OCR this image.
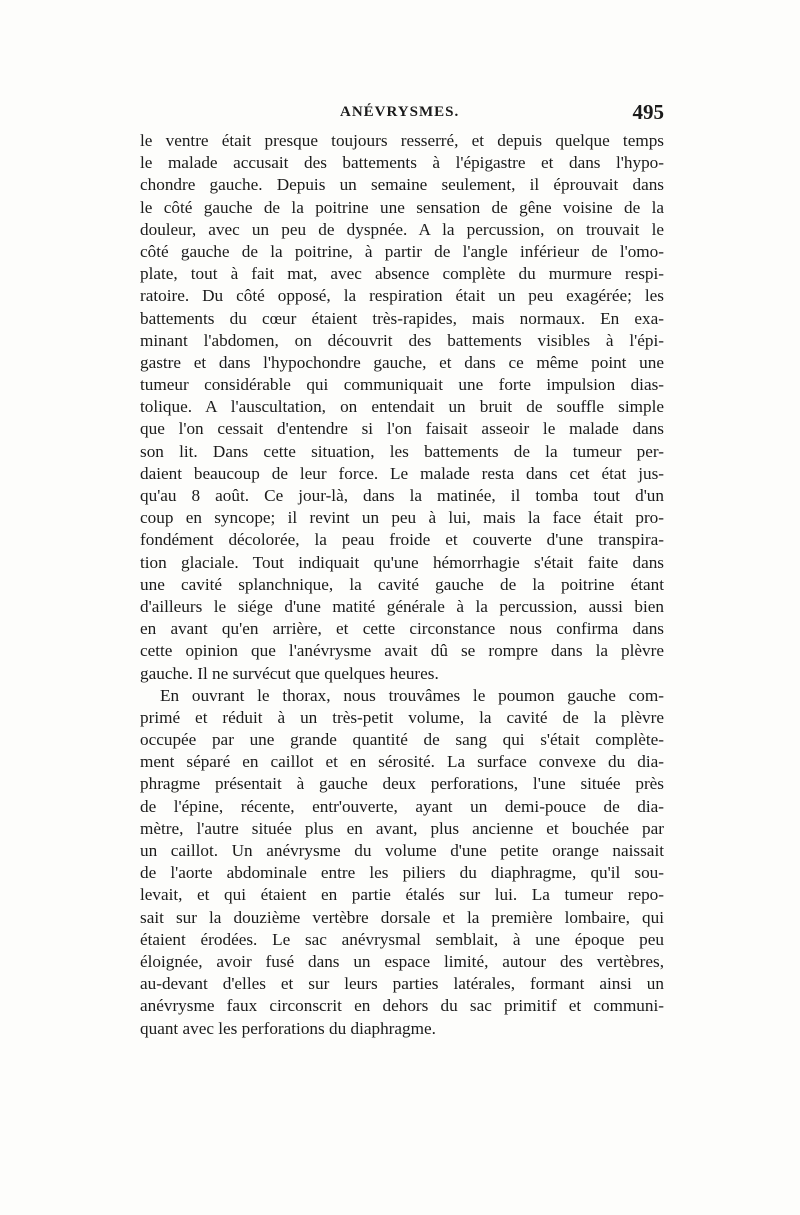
ANÉVRYSMES.	495
le ventre était presque toujours resserré, et depuis quelque temps
le malade accusait des battements à l'épigastre et dans l'hypo-
chondre gauche. Depuis un semaine seulement, il éprouvait dans
le côté gauche de la poitrine une sensation de gêne voisine de la
douleur, avec un peu de dyspnée. A la percussion, on trouvait le
côté gauche de la poitrine, à partir de l'angle inférieur de l'omo-
plate, tout à fait mat, avec absence complète du murmure respi-
ratoire. Du côté opposé, la respiration était un peu exagérée; les
battements du cœur étaient très-rapides, mais normaux. En exa-
minant l'abdomen, on découvrit des battements visibles à l'épi-
gastre et dans l'hypochondre gauche, et dans ce même point une
tumeur considérable qui communiquait une forte impulsion dias-
tolique. A l'auscultation, on entendait un bruit de souffle simple
que l'on cessait d'entendre si l'on faisait asseoir le malade dans
son lit. Dans cette situation, les battements de la tumeur per-
daient beaucoup de leur force. Le malade resta dans cet état jus-
qu'au 8 août. Ce jour-là, dans la matinée, il tomba tout d'un
coup en syncope; il revint un peu à lui, mais la face était pro-
fondément décolorée, la peau froide et couverte d'une transpira-
tion glaciale. Tout indiquait qu'une hémorrhagie s'était faite dans
une cavité splanchnique, la cavité gauche de la poitrine étant
d'ailleurs le siége d'une matité générale à la percussion, aussi bien
en avant qu'en arrière, et cette circonstance nous confirma dans
cette opinion que l'anévrysme avait dû se rompre dans la plèvre
gauche. Il ne survécut que quelques heures.
En ouvrant le thorax, nous trouvâmes le poumon gauche com-
primé et réduit à un très-petit volume, la cavité de la plèvre
occupée par une grande quantité de sang qui s'était complète-
ment séparé en caillot et en sérosité. La surface convexe du dia-
phragme présentait à gauche deux perforations, l'une située près
de l'épine, récente, entr'ouverte, ayant un demi-pouce de dia-
mètre, l'autre située plus en avant, plus ancienne et bouchée par
un caillot. Un anévrysme du volume d'une petite orange naissait
de l'aorte abdominale entre les piliers du diaphragme, qu'il sou-
levait, et qui étaient en partie étalés sur lui. La tumeur repo-
sait sur la douzième vertèbre dorsale et la première lombaire, qui
étaient érodées. Le sac anévrysmal semblait, à une époque peu
éloignée, avoir fusé dans un espace limité, autour des vertèbres,
au-devant d'elles et sur leurs parties latérales, formant ainsi un
anévrysme faux circonscrit en dehors du sac primitif et communi-
quant avec les perforations du diaphragme.
